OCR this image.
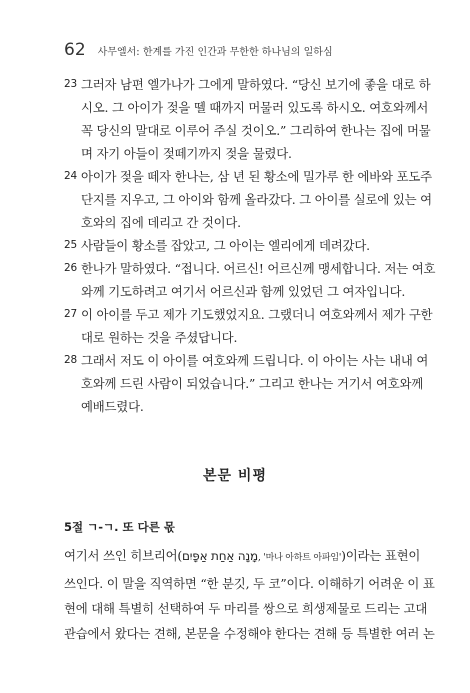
62 사무엘서: 한계를 가진 인간과 무한한 하나님의 일하심
23 그러자 남편 엘가나가 그에게 말하였다. “당신 보기에 좋을 대로 하
시오. 그 아이가 젖을 뗄 때까지 머물러 있도록 하시오. 여호와께서
꼭 당신의 말대로 이루어 주실 것이오.” 그리하여 한나는 집에 머물
며 자기 아들이 젖떼기까지 젖을 물렸다.
24 아이가 젖을 떼자 한나는, 삼 년 된 황소에 밀가루 한 에바와 포도주
단지를 지우고, 그 아이와 함께 올라갔다. 그 아이를 실로에 있는 여
호와의 집에 데리고 간 것이다.
25 사람들이 황소를 잡았고, 그 아이는 엘리에게 데려갔다.
26 한나가 말하였다. “접니다. 어르신! 어르신께 맹세합니다. 저는 여호
와께 기도하려고 여기서 어르신과 함께 있었던 그 여자입니다.
27 이 아이를 두고 제가 기도했었지요. 그랬더니 여호와께서 제가 구한
대로 원하는 것을 주셨답니다.
28 그래서 저도 이 아이를 여호와께 드립니다. 이 아이는 사는 내내 여
호와께 드린 사람이 되었습니다.” 그리고 한나는 거기서 여호와께
예배드렸다.
본문 비평
5절 ㄱ-ㄱ. 또 다른 몫
여기서 쓰인 히브리어(מָנָה אַחַת אַפָּיִם, '마나 아하트 아파임')이라는 표현이
쓰인다. 이 말을 직역하면 “한 분깃, 두 코”이다. 이해하기 어려운 이 표
현에 대해 특별히 선택하여 두 마리를 쌍으로 희생제물로 드리는 고대
관습에서 왔다는 견해, 본문을 수정해야 한다는 견해 등 특별한 여러 논
